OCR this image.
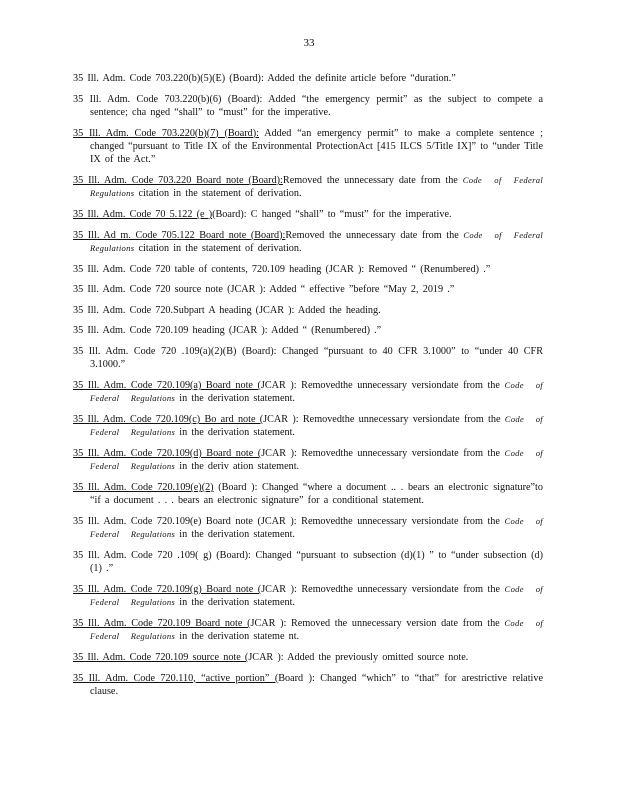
33
35 Ill. Adm. Code 703.220(b)(5)(E) (Board): Added the definite article before “duration.”
35 Ill. Adm. Code 703.220(b)(6) (Board): Added “the emergency permit” as the subject to compete a sentence; cha nged “shall” to “must” for the imperative.
35 Ill. Adm. Code 703.220(b)(7) (Board): Added “an emergency permit” to make a complete sentence ; changed “pursuant to Title IX of the Environmental ProtectionAct [415 ILCS 5/Title IX]” to “under Title IX of the Act.”
35 Ill. Adm. Code 703.220 Board note (Board):Removed the unnecessary date from the Code of Federal Regulations citation in the statement of derivation.
35 Ill. Adm. Code 70 5.122 (e )(Board): C hanged “shall” to “must” for the imperative.
35 Ill. Ad m. Code 705.122 Board note (Board):Removed the unnecessary date from the Code of Federal Regulations citation in the statement of derivation.
35 Ill. Adm. Code 720 table of contents, 720.109 heading (JCAR ): Removed “ (Renumbered) .”
35 Ill. Adm. Code 720 source note (JCAR ): Added “ effective ”before “May 2, 2019 .”
35 Ill. Adm. Code 720.Subpart A heading (JCAR ): Added the heading.
35 Ill. Adm. Code 720.109 heading (JCAR ): Added “ (Renumbered) .”
35 Ill. Adm. Code 720 .109(a)(2)(B) (Board): Changed “pursuant to 40 CFR 3.1000” to “under 40 CFR 3.1000.”
35 Ill. Adm. Code 720.109(a) Board note (JCAR ): Removedthe unnecessary versiondate from the Code of Federal Regulations in the derivation statement.
35 Ill. Adm. Code 720.109(c) Bo ard note (JCAR ): Removedthe unnecessary versiondate from the Code of Federal Regulations in the derivation statement.
35 Ill. Adm. Code 720.109(d) Board note (JCAR ): Removedthe unnecessary versiondate from the Code of Federal Regulations in the deriv ation statement.
35 Ill. Adm. Code 720.109(e)(2) (Board ): Changed “where a document .. . bears an electronic signature”to “if a document . . . bears an electronic signature” for a conditional statement.
35 Ill. Adm. Code 720.109(e) Board note (JCAR ): Removedthe unnecessary versiondate from the Code of Federal Regulations in the derivation statement.
35 Ill. Adm. Code 720 .109( g) (Board): Changed “pursuant to subsection (d)(1) ” to “under subsection (d)(1) .”
35 Ill. Adm. Code 720.109(g) Board note (JCAR ): Removedthe unnecessary versiondate from the Code of Federal Regulations in the derivation statement.
35 Ill. Adm. Code 720.109 Board note (JCAR ): Removed the unnecessary version date from the Code of Federal Regulations in the derivation stateme nt.
35 Ill. Adm. Code 720.109 source note (JCAR ): Added the previously omitted source note.
35 Ill. Adm. Code 720.110, “active portion” (Board ): Changed “which” to “that” for arestrictive relative clause.
